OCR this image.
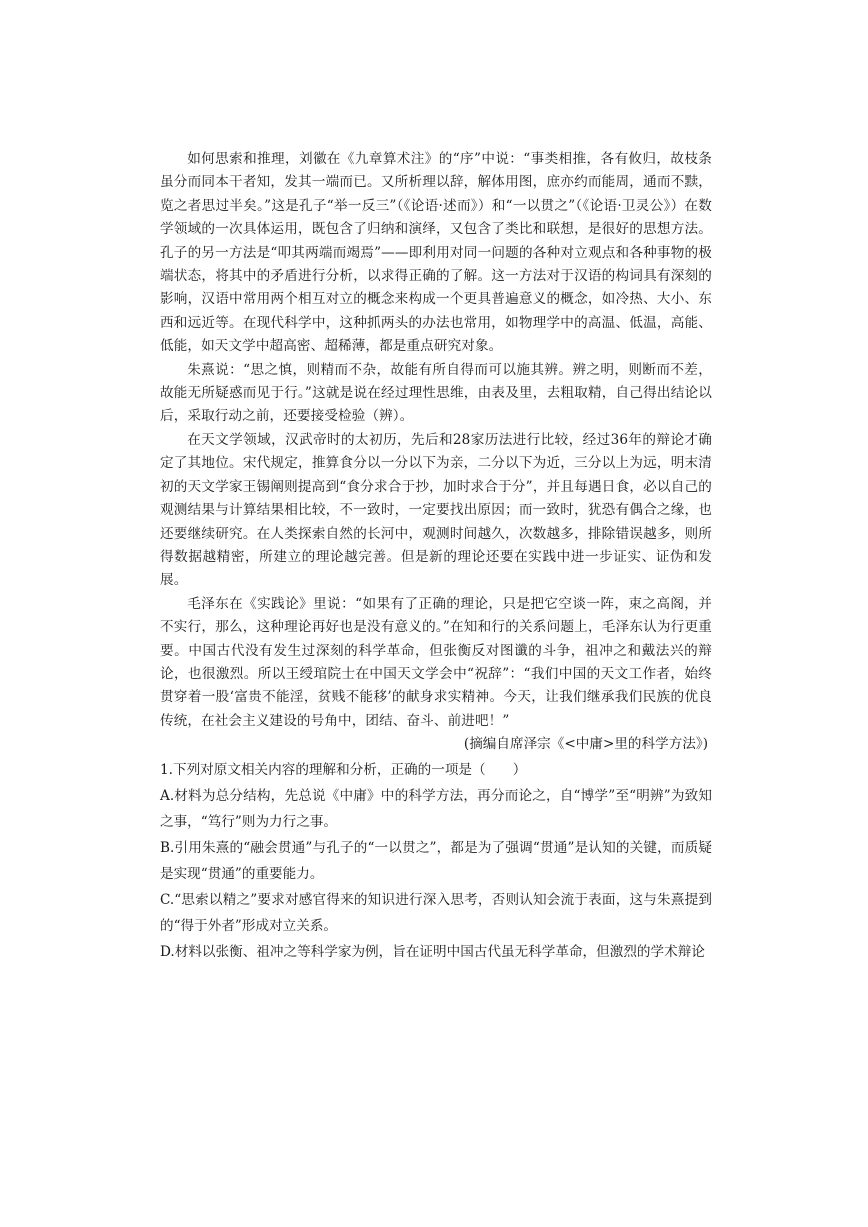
如何思索和推理，刘徽在《九章算术注》的“序”中说：“事类相推，各有攸归，故枝条虽分而同本干者知，发其一端而已。又所析理以辞，解体用图，庶亦约而能周，通而不黩，览之者思过半矣。”这是孔子“举一反三”（《论语·述而》）和“一以贯之”（《论语·卫灵公》）在数学领域的一次具体运用，既包含了归纳和演绎，又包含了类比和联想，是很好的思想方法。孔子的另一方法是“叩其两端而竭焉”——即利用对同一问题的各种对立观点和各种事物的极端状态，将其中的矛盾进行分析，以求得正确的了解。这一方法对于汉语的构词具有深刻的影响，汉语中常用两个相互对立的概念来构成一个更具普遍意义的概念，如冷热、大小、东西和远近等。在现代科学中，这种抓两头的办法也常用，如物理学中的高温、低温，高能、低能，如天文学中超高密、超稀薄，都是重点研究对象。

朱熹说：“思之慎，则精而不杂，故能有所自得而可以施其辨。辨之明，则断而不差，故能无所疑惑而见于行。”这就是说在经过理性思维，由表及里，去粗取精，自己得出结论以后，采取行动之前，还要接受检验（辨）。

在天文学领域，汉武帝时的太初历，先后和28家历法进行比较，经过36年的辩论才确定了其地位。宋代规定，推算食分以一分以下为亲，二分以下为近，三分以上为远，明末清初的天文学家王锡阐则提高到“食分求合于抄，加时求合于分”，并且每遇日食，必以自己的观测结果与计算结果相比较，不一致时，一定要找出原因；而一致时，犹恐有偶合之缘，也还要继续研究。在人类探索自然的长河中，观测时间越久，次数越多，排除错误越多，则所得数据越精密，所建立的理论越完善。但是新的理论还要在实践中进一步证实、证伪和发展。

毛泽东在《实践论》里说：“如果有了正确的理论，只是把它空谈一阵，束之高阁，并不实行，那么，这种理论再好也是没有意义的。”在知和行的关系问题上，毛泽东认为行更重要。中国古代没有发生过深刻的科学革命，但张衡反对图谶的斗争，祖冲之和戴法兴的辩论，也很激烈。所以王绶琯院士在中国天文学会中“祝辞”：“我们中国的天文工作者，始终贯穿着一股‘富贵不能淫，贫贱不能移’的献身求实精神。今天，让我们继承我们民族的优良传统，在社会主义建设的号角中，团结、奋斗、前进吧！”

(摘编自席泽宗《<中庸>里的科学方法》)

1.下列对原文相关内容的理解和分析，正确的一项是（　　）

A.材料为总分结构，先总说《中庸》中的科学方法，再分而论之，自“博学”至“明辨”为致知之事，“笃行”则为力行之事。

B.引用朱熹的“融会贯通”与孔子的“一以贯之”，都是为了强调“贯通”是认知的关键，而质疑是实现“贯通”的重要能力。

C.“思索以精之”要求对感官得来的知识进行深入思考，否则认知会流于表面，这与朱熹提到的“得于外者”形成对立关系。

D.材料以张衡、祖冲之等科学家为例，旨在证明中国古代虽无科学革命，但激烈的学术辩论
